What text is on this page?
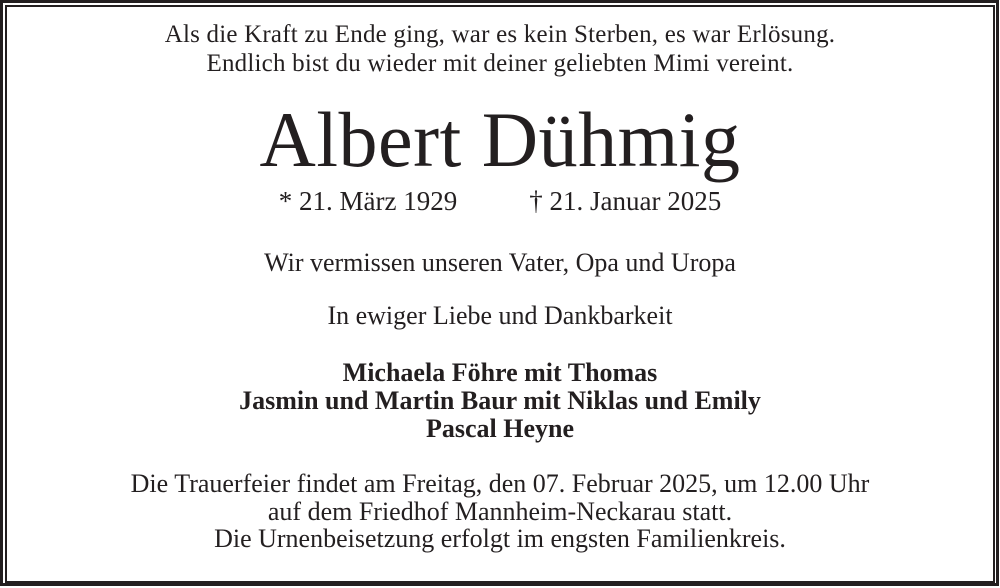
Als die Kraft zu Ende ging, war es kein Sterben, es war Erlösung.
Endlich bist du wieder mit deiner geliebten Mimi vereint.
Albert Dühmig
* 21. März 1929	† 21. Januar 2025
Wir vermissen unseren Vater, Opa und Uropa
In ewiger Liebe und Dankbarkeit
Michaela Föhre mit Thomas
Jasmin und Martin Baur mit Niklas und Emily
Pascal Heyne
Die Trauerfeier findet am Freitag, den 07. Februar 2025, um 12.00 Uhr
auf dem Friedhof Mannheim-Neckarau statt.
Die Urnenbeisetzung erfolgt im engsten Familienkreis.
